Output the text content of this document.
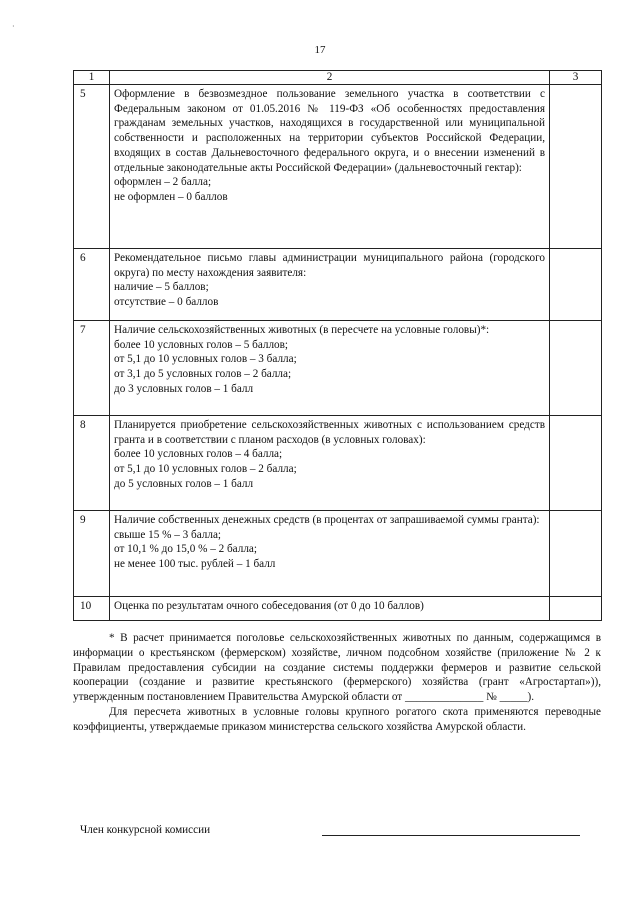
·
17
1	2	3
5	Оформление в безвозмездное пользование земельного участка в соответствии с Федеральным законом от 01.05.2016 № 119-ФЗ «Об особенностях предоставления гражданам земельных участков, находящихся в государственной или муниципальной собственности и расположенных на территории субъектов Российской Федерации, входящих в состав Дальневосточного федерального округа, и о внесении изменений в отдельные законодательные акты Российской Федерации» (дальневосточный гектар):
оформлен – 2 балла;
не оформлен – 0 баллов	

6	Рекомендательное письмо главы администрации муниципального района (городского округа) по месту нахождения заявителя:
наличие – 5 баллов;
отсутствие – 0 баллов	

7	Наличие сельскохозяйственных животных (в пересчете на условные головы)*:
более 10 условных голов – 5 баллов;
от 5,1 до 10 условных голов – 3 балла;
от 3,1 до 5 условных голов – 2 балла;
до 3 условных голов – 1 балл	

8	Планируется приобретение сельскохозяйственных животных с использованием средств гранта и в соответствии с планом расходов (в условных головах):
более 10 условных голов – 4 балла;
от 5,1 до 10 условных голов – 2 балла;
до 5 условных голов – 1 балл	

9	Наличие собственных денежных средств (в процентах от запрашиваемой суммы гранта):
свыше 15 % – 3 балла;
от 10,1 % до 15,0 % – 2 балла;
не менее 100 тыс. рублей – 1 балл	

10	Оценка по результатам очного собеседования (от 0 до 10 баллов)	

* В расчет принимается поголовье сельскохозяйственных животных по данным, содержащимся в информации о крестьянском (фермерском) хозяйстве, личном подсобном хозяйстве (приложение № 2 к Правилам предоставления субсидии на создание системы поддержки фермеров и развитие сельской кооперации (создание и развитие крестьянского (фермерского) хозяйства (грант «Агростартап»)), утвержденным постановлением Правительства Амурской области от ______________ № _____).

Для пересчета животных в условные головы крупного рогатого скота применяются переводные коэффициенты, утверждаемые приказом министерства сельского хозяйства Амурской области.

Член конкурсной комиссии
